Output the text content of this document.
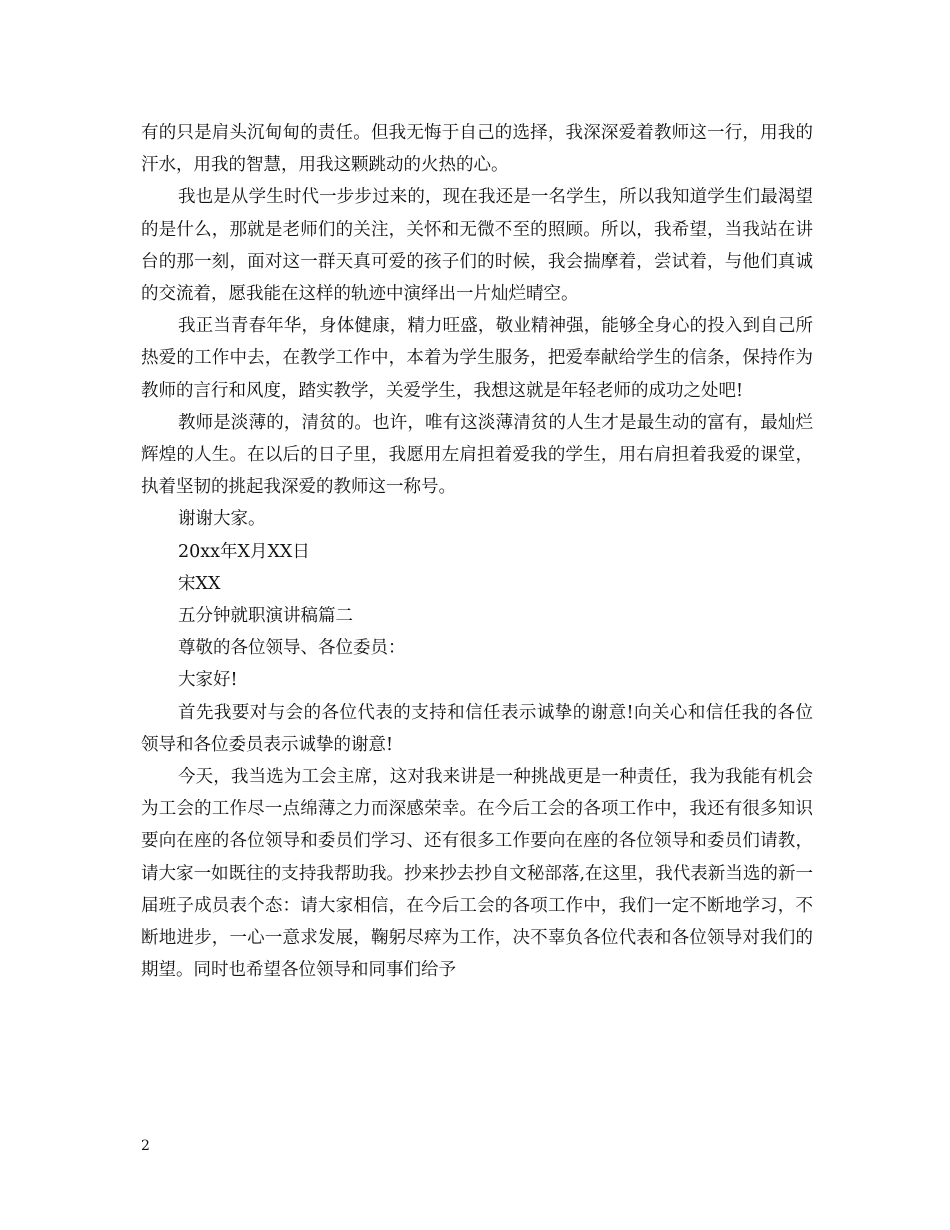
有的只是肩头沉甸甸的责任。但我无悔于自己的选择，我深深爱着教师这一行，用我的汗水，用我的智慧，用我这颗跳动的火热的心。

我也是从学生时代一步步过来的，现在我还是一名学生，所以我知道学生们最渴望的是什么，那就是老师们的关注，关怀和无微不至的照顾。所以，我希望，当我站在讲台的那一刻，面对这一群天真可爱的孩子们的时候，我会揣摩着，尝试着，与他们真诚的交流着，愿我能在这样的轨迹中演绎出一片灿烂晴空。

我正当青春年华，身体健康，精力旺盛，敬业精神强，能够全身心的投入到自己所热爱的工作中去，在教学工作中，本着为学生服务，把爱奉献给学生的信条，保持作为教师的言行和风度，踏实教学，关爱学生，我想这就是年轻老师的成功之处吧!

教师是淡薄的，清贫的。也许，唯有这淡薄清贫的人生才是最生动的富有，最灿烂辉煌的人生。在以后的日子里，我愿用左肩担着爱我的学生，用右肩担着我爱的课堂，执着坚韧的挑起我深爱的教师这一称号。

谢谢大家。

20xx年X月XX日

宋XX

五分钟就职演讲稿篇二

尊敬的各位领导、各位委员：

大家好!

首先我要对与会的各位代表的支持和信任表示诚挚的谢意!向关心和信任我的各位领导和各位委员表示诚挚的谢意!

今天，我当选为工会主席，这对我来讲是一种挑战更是一种责任，我为我能有机会为工会的工作尽一点绵薄之力而深感荣幸。在今后工会的各项工作中，我还有很多知识要向在座的各位领导和委员们学习、还有很多工作要向在座的各位领导和委员们请教，请大家一如既往的支持我帮助我。抄来抄去抄自文秘部落,在这里，我代表新当选的新一届班子成员表个态：请大家相信，在今后工会的各项工作中，我们一定不断地学习，不断地进步，一心一意求发展，鞠躬尽瘁为工作，决不辜负各位代表和各位领导对我们的期望。同时也希望各位领导和同事们给予

2
